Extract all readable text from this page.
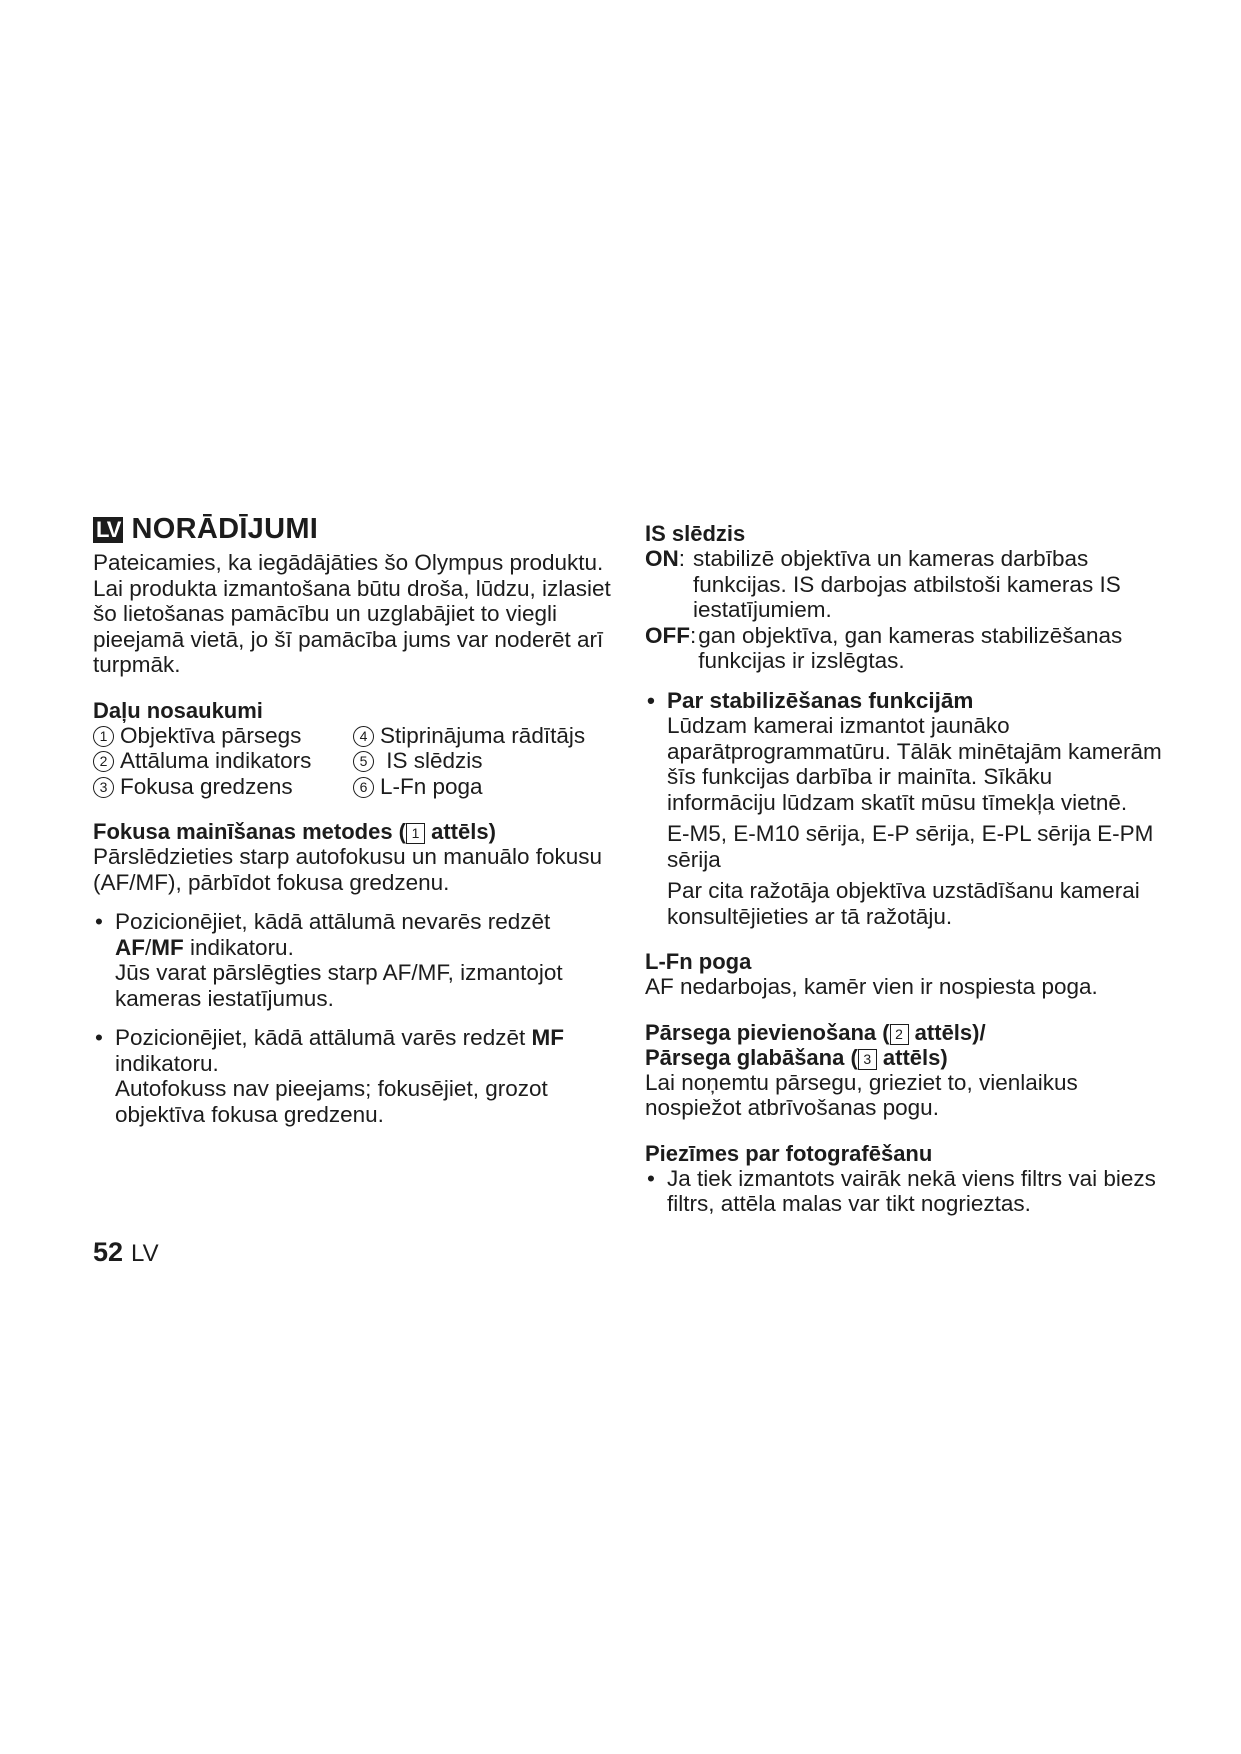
LV NORĀDĪJUMI

Pateicamies, ka iegādājāties šo Olympus produktu. Lai produkta izmantošana būtu droša, lūdzu, izlasiet šo lietošanas pamācību un uzglabājiet to viegli pieejamā vietā, jo šī pamācība jums var noderēt arī turpmāk.

Daļu nosaukumi

1 Objektīva pārsegs	4 Stiprinājuma rādītājs
2 Attāluma indikators	5 IS slēdzis
3 Fokusa gredzens	6 L-Fn poga

Fokusa mainīšanas metodes ( 1 attēls)

Pārslēdzieties starp autofokusu un manuālo fokusu (AF/MF), pārbīdot fokusa gredzenu.

• Pozicionējiet, kādā attālumā nevarēs redzēt AF/MF indikatoru.
Jūs varat pārslēgties starp AF/MF, izmantojot kameras iestatījumus.
• Pozicionējiet, kādā attālumā varēs redzēt MF indikatoru.
Autofokuss nav pieejams; fokusējiet, grozot objektīva fokusa gredzenu.

IS slēdzis

ON : stabilizē objektīva un kameras darbības funkcijas. IS darbojas atbilstoši kameras IS iestatījumiem.
OFF : gan objektīva, gan kameras stabilizēšanas funkcijas ir izslēgtas.
• Par stabilizēšanas funkcijām

Lūdzam kamerai izmantot jaunāko aparātprogrammatūru. Tālāk minētajām kamerām šīs funkcijas darbība ir mainīta. Sīkāku informāciju lūdzam skatīt mūsu tīmekļa vietnē.

E-M5, E-M10 sērija, E-P sērija, E-PL sērija E-PM sērija

Par cita ražotāja objektīva uzstādīšanu kamerai konsultējieties ar tā ražotāju.

L-Fn poga

AF nedarbojas, kamēr vien ir nospiesta poga.

Pārsega pievienošana ( 2 attēls)/

Pārsega glabāšana ( 3 attēls)

Lai noņemtu pārsegu, grieziet to, vienlaikus nospiežot atbrīvošanas pogu.

Piezīmes par fotografēšanu

• Ja tiek izmantots vairāk nekā viens filtrs vai biezs filtrs, attēla malas var tikt nogrieztas.
52 LV
